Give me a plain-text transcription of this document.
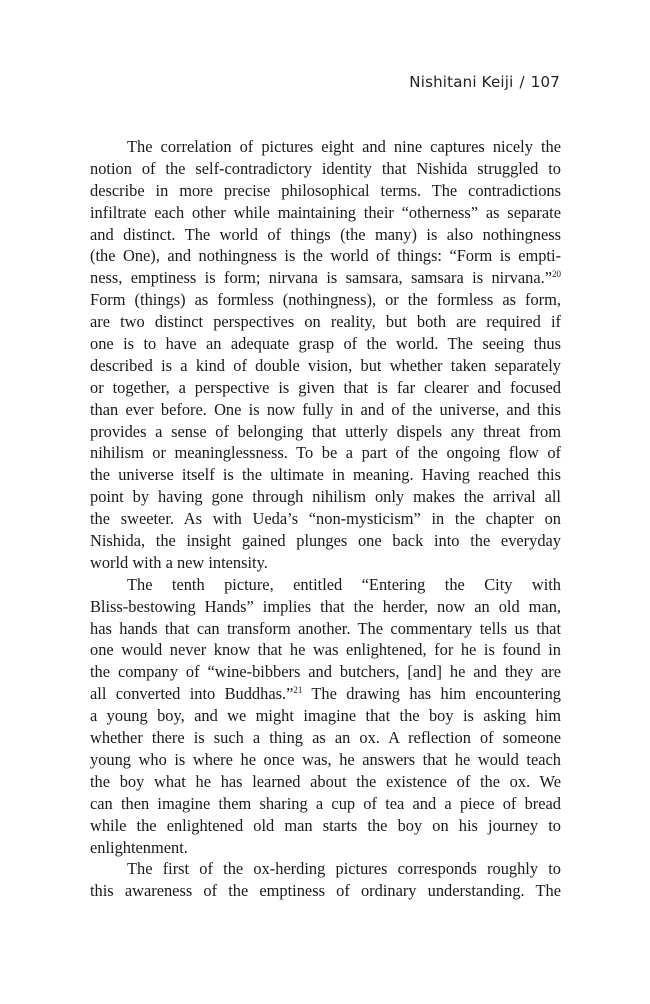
Nishitani Keiji / 107
The correlation of pictures eight and nine captures nicely the
notion of the self-contradictory identity that Nishida struggled to
describe in more precise philosophical terms. The contradictions
infiltrate each other while maintaining their “otherness” as separate
and distinct. The world of things (the many) is also nothingness
(the One), and nothingness is the world of things: “Form is empti-
ness, emptiness is form; nirvana is samsara, samsara is nirvana.”$^{20}$
Form (things) as formless (nothingness), or the formless as form,
are two distinct perspectives on reality, but both are required if
one is to have an adequate grasp of the world. The seeing thus
described is a kind of double vision, but whether taken separately
or together, a perspective is given that is far clearer and focused
than ever before. One is now fully in and of the universe, and this
provides a sense of belonging that utterly dispels any threat from
nihilism or meaninglessness. To be a part of the ongoing flow of
the universe itself is the ultimate in meaning. Having reached this
point by having gone through nihilism only makes the arrival all
the sweeter. As with Ueda’s “non-mysticism” in the chapter on
Nishida, the insight gained plunges one back into the everyday
world with a new intensity.
The tenth picture, entitled “Entering the City with
Bliss-bestowing Hands” implies that the herder, now an old man,
has hands that can transform another. The commentary tells us that
one would never know that he was enlightened, for he is found in
the company of “wine-bibbers and butchers, [and] he and they are
all converted into Buddhas.”$^{21}$ The drawing has him encountering
a young boy, and we might imagine that the boy is asking him
whether there is such a thing as an ox. A reflection of someone
young who is where he once was, he answers that he would teach
the boy what he has learned about the existence of the ox. We
can then imagine them sharing a cup of tea and a piece of bread
while the enlightened old man starts the boy on his journey to
enlightenment.
The first of the ox-herding pictures corresponds roughly to
this awareness of the emptiness of ordinary understanding. The
